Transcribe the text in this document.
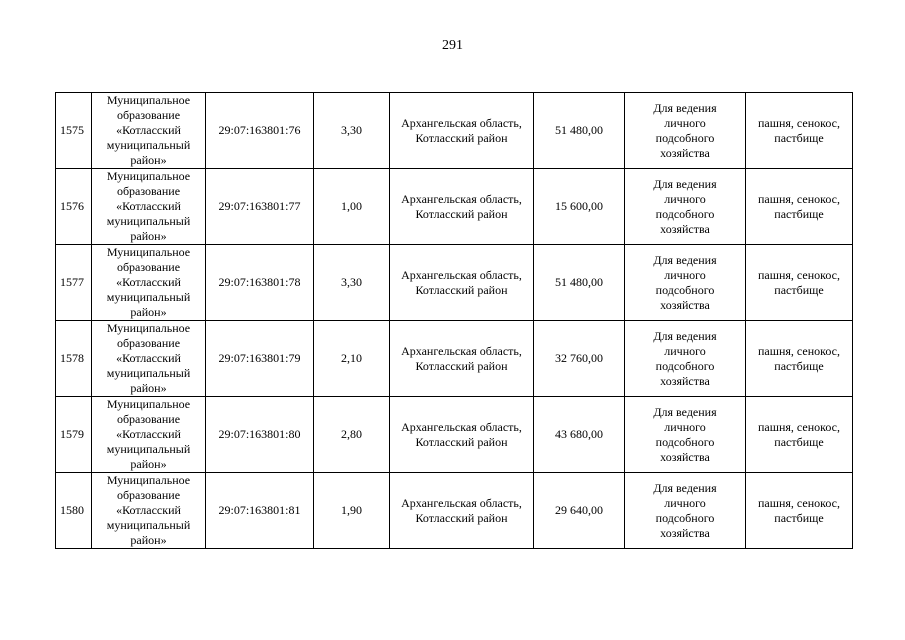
291
1575	Муниципальное
образование
«Котласский
муниципальный
район»	29:07:163801:76	3,30	Архангельская область,
Котласский район	51 480,00	Для ведения
личного
подсобного
хозяйства	пашня, сенокос,
пастбище
1576	Муниципальное
образование
«Котласский
муниципальный
район»	29:07:163801:77	1,00	Архангельская область,
Котласский район	15 600,00	Для ведения
личного
подсобного
хозяйства	пашня, сенокос,
пастбище
1577	Муниципальное
образование
«Котласский
муниципальный
район»	29:07:163801:78	3,30	Архангельская область,
Котласский район	51 480,00	Для ведения
личного
подсобного
хозяйства	пашня, сенокос,
пастбище
1578	Муниципальное
образование
«Котласский
муниципальный
район»	29:07:163801:79	2,10	Архангельская область,
Котласский район	32 760,00	Для ведения
личного
подсобного
хозяйства	пашня, сенокос,
пастбище
1579	Муниципальное
образование
«Котласский
муниципальный
район»	29:07:163801:80	2,80	Архангельская область,
Котласский район	43 680,00	Для ведения
личного
подсобного
хозяйства	пашня, сенокос,
пастбище
1580	Муниципальное
образование
«Котласский
муниципальный
район»	29:07:163801:81	1,90	Архангельская область,
Котласский район	29 640,00	Для ведения
личного
подсобного
хозяйства	пашня, сенокос,
пастбище
